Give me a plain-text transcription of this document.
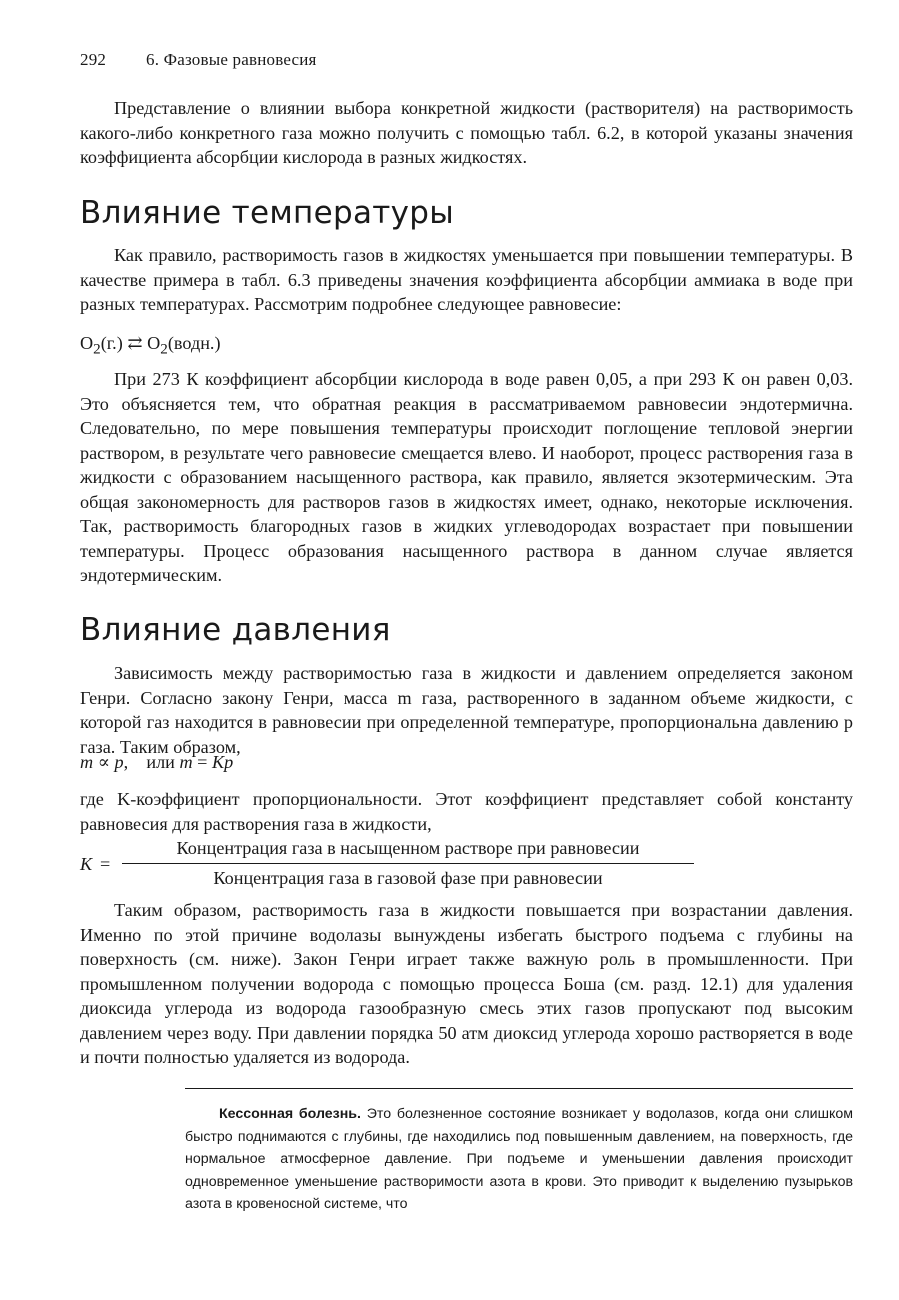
292 6. Фазовые равновесия

Представление о влиянии выбора конкретной жидкости (растворителя) на растворимость какого-либо конкретного газа можно получить с помощью табл. 6.2, в которой указаны значения коэффициента абсорбции кислорода в разных жидкостях.

Влияние температуры

Как правило, растворимость газов в жидкостях уменьшается при повышении температуры. В качестве примера в табл. 6.3 приведены значения коэффициента абсорбции аммиака в воде при разных температурах. Рассмотрим подробнее следующее равновесие:

$O_2(г.)$ ⇄ $O_2(водн.)$

При 273 К коэффициент абсорбции кислорода в воде равен 0,05, а при 293 К он равен 0,03. Это объясняется тем, что обратная реакция в рассматриваемом равновесии эндотермична. Следовательно, по мере повышения температуры происходит поглощение тепловой энергии раствором, в результате чего равновесие смещается влево. И наоборот, процесс растворения газа в жидкости с образованием насыщенного раствора, как правило, является экзотермическим. Эта общая закономерность для растворов газов в жидкостях имеет, однако, некоторые исключения. Так, растворимость благородных газов в жидких углеводородах возрастает при повышении температуры. Процесс образования насыщенного раствора в данном случае является эндотермическим.

Влияние давления

Зависимость между растворимостью газа в жидкости и давлением определяется законом Генри. Согласно закону Генри, масса m газа, растворенного в заданном объеме жидкости, с которой газ находится в равновесии при определенной температуре, пропорциональна давлению p газа. Таким образом,

m ∝ p, или m = Kp

где K-коэффициент пропорциональности. Этот коэффициент представляет собой константу равновесия для растворения газа в жидкости,

K =
Концентрация газа в насыщенном растворе при равновесии
Концентрация газа в газовой фазе при равновесии

Таким образом, растворимость газа в жидкости повышается при возрастании давления. Именно по этой причине водолазы вынуждены избегать быстрого подъема с глубины на поверхность (см. ниже). Закон Генри играет также важную роль в промышленности. При промышленном получении водорода с помощью процесса Боша (см. разд. 12.1) для удаления диоксида углерода из водорода газообразную смесь этих газов пропускают под высоким давлением через воду. При давлении порядка 50 атм диоксид углерода хорошо растворяется в воде и почти полностью удаляется из водорода.

Кессонная болезнь. Это болезненное состояние возникает у водолазов, когда они слишком быстро поднимаются с глубины, где находились под повышенным давлением, на поверхность, где нормальное атмосферное давление. При подъеме и уменьшении давления происходит одновременное уменьшение растворимости азота в крови. Это приводит к выделению пузырьков азота в кровеносной системе, что
